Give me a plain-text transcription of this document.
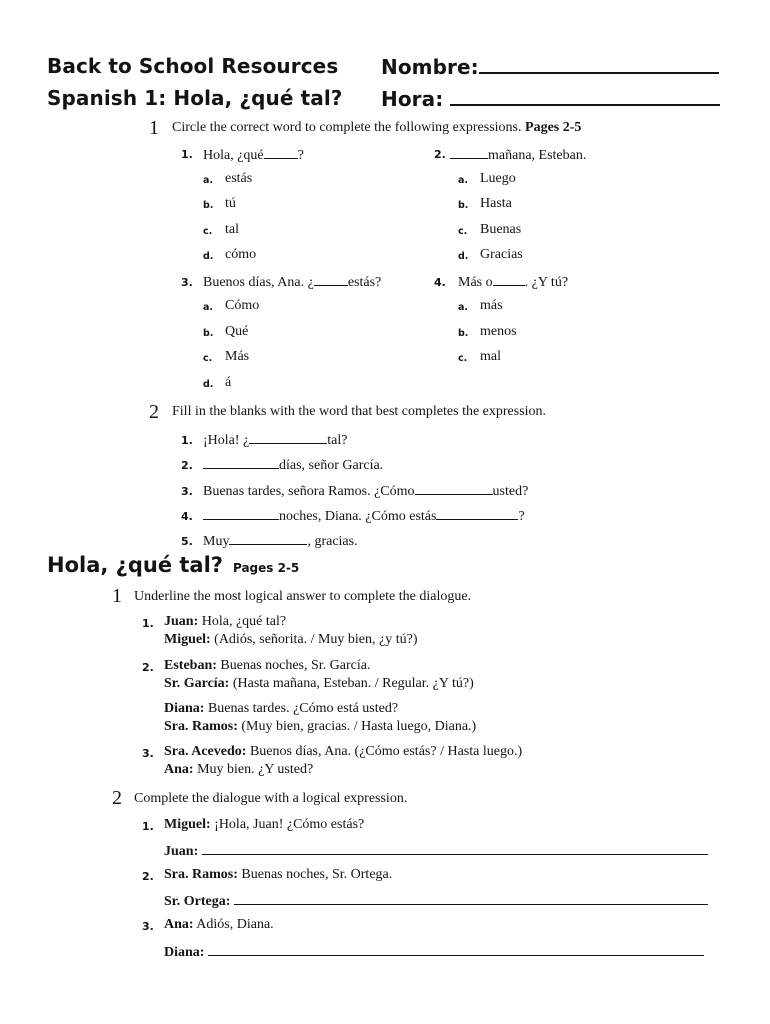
Back to School Resources Nombre:
Spanish 1: Hola, ¿qué tal? Hora:
1 Circle the correct word to complete the following expressions. Pages 2-5
1. Hola, ¿qué ?
a. estás
b. tú
c. tal
d. cómo
2.	mañana, Esteban.
a. Luego
b. Hasta
c. Buenas
d. Gracias
3. Buenos días, Ana. ¿ estás?
a. Cómo
b. Qué
c. Más
d. á
4. Más o . ¿Y tú?
a. más
b. menos
c. mal
2 Fill in the blanks with the word that best completes the expression.
1. ¡Hola! ¿	tal?
2.	días, señor García.
3. Buenas tardes, señora Ramos. ¿Cómo	usted?
4.	noches, Diana. ¿Cómo estás	?
5. Muy	, gracias.
Hola, ¿qué tal? Pages 2-5
1 Underline the most logical answer to complete the dialogue.
1. Juan: Hola, ¿qué tal?
Miguel: (Adiós, señorita. / Muy bien, ¿y tú?)
2. Esteban: Buenas noches, Sr. García.
Sr. García: (Hasta mañana, Esteban. / Regular. ¿Y tú?)
Diana: Buenas tardes. ¿Cómo está usted?
Sra. Ramos: (Muy bien, gracias. / Hasta luego, Diana.)
3. Sra. Acevedo: Buenos días, Ana. (¿Cómo estás? / Hasta luego.)
Ana: Muy bien. ¿Y usted?
2 Complete the dialogue with a logical expression.
1. Miguel: ¡Hola, Juan! ¿Cómo estás?
Juan:
2. Sra. Ramos: Buenas noches, Sr. Ortega.
Sr. Ortega:
3. Ana: Adiós, Diana.
Diana:
